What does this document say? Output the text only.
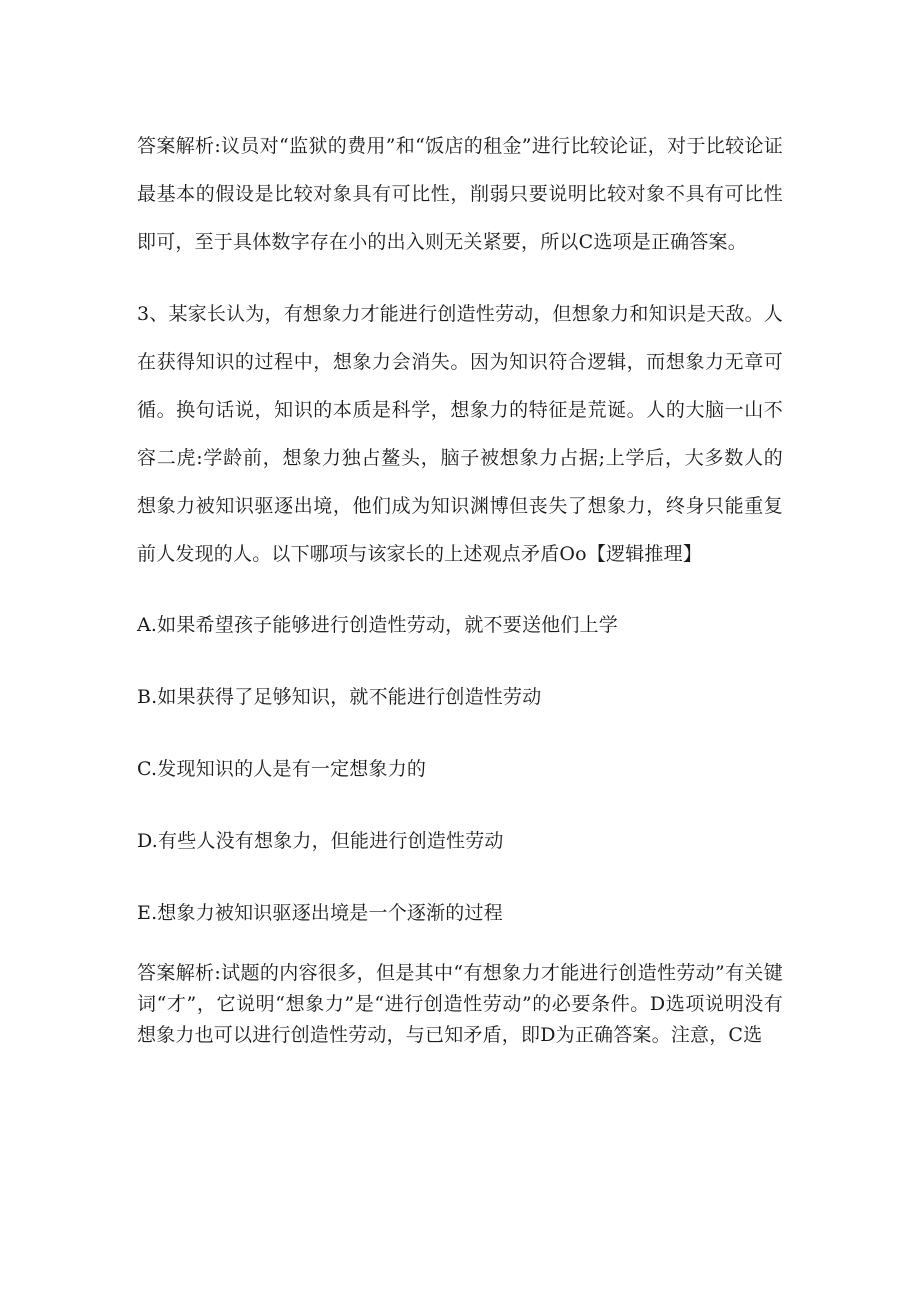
答案解析:议员对“监狱的费用”和“饭店的租金”进行比较论证，对于比较论证最基本的假设是比较对象具有可比性，削弱只要说明比较对象不具有可比性即可，至于具体数字存在小的出入则无关紧要，所以C选项是正确答案。

3、某家长认为，有想象力才能进行创造性劳动，但想象力和知识是天敌。人在获得知识的过程中，想象力会消失。因为知识符合逻辑，而想象力无章可循。换句话说，知识的本质是科学，想象力的特征是荒诞。人的大脑一山不容二虎:学龄前，想象力独占鳌头，脑子被想象力占据;上学后，大多数人的想象力被知识驱逐出境，他们成为知识渊博但丧失了想象力，终身只能重复前人发现的人。以下哪项与该家长的上述观点矛盾Oo【逻辑推理】

A.如果希望孩子能够进行创造性劳动，就不要送他们上学

B.如果获得了足够知识，就不能进行创造性劳动

C.发现知识的人是有一定想象力的

D.有些人没有想象力，但能进行创造性劳动

E.想象力被知识驱逐出境是一个逐渐的过程

答案解析:试题的内容很多，但是其中“有想象力才能进行创造性劳动”有关键词“才”，它说明“想象力”是“进行创造性劳动”的必要条件。D选项说明没有想象力也可以进行创造性劳动，与已知矛盾，即D为正确答案。注意，C选
